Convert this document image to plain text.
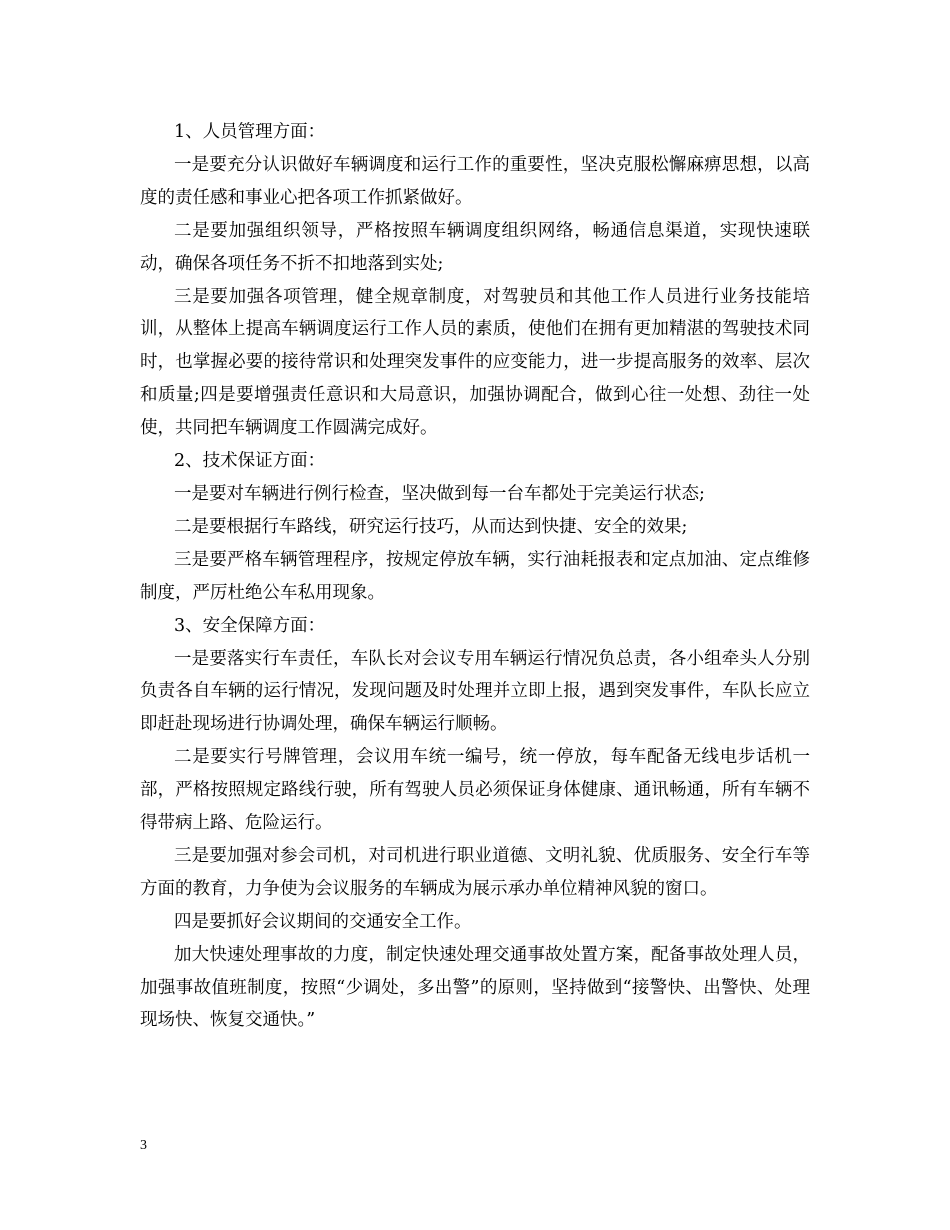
1、人员管理方面：

一是要充分认识做好车辆调度和运行工作的重要性，坚决克服松懈麻痹思想，以高度的责任感和事业心把各项工作抓紧做好。

二是要加强组织领导，严格按照车辆调度组织网络，畅通信息渠道，实现快速联动，确保各项任务不折不扣地落到实处;

三是要加强各项管理，健全规章制度，对驾驶员和其他工作人员进行业务技能培训，从整体上提高车辆调度运行工作人员的素质，使他们在拥有更加精湛的驾驶技术同时，也掌握必要的接待常识和处理突发事件的应变能力，进一步提高服务的效率、层次和质量;四是要增强责任意识和大局意识，加强协调配合，做到心往一处想、劲往一处使，共同把车辆调度工作圆满完成好。

2、技术保证方面：

一是要对车辆进行例行检查，坚决做到每一台车都处于完美运行状态;

二是要根据行车路线，研究运行技巧，从而达到快捷、安全的效果;

三是要严格车辆管理程序，按规定停放车辆，实行油耗报表和定点加油、定点维修制度，严厉杜绝公车私用现象。

3、安全保障方面：

一是要落实行车责任，车队长对会议专用车辆运行情况负总责，各小组牵头人分别负责各自车辆的运行情况，发现问题及时处理并立即上报，遇到突发事件，车队长应立即赶赴现场进行协调处理，确保车辆运行顺畅。

二是要实行号牌管理，会议用车统一编号，统一停放，每车配备无线电步话机一部，严格按照规定路线行驶，所有驾驶人员必须保证身体健康、通讯畅通，所有车辆不得带病上路、危险运行。

三是要加强对参会司机，对司机进行职业道德、文明礼貌、优质服务、安全行车等方面的教育，力争使为会议服务的车辆成为展示承办单位精神风貌的窗口。

四是要抓好会议期间的交通安全工作。

加大快速处理事故的力度，制定快速处理交通事故处置方案，配备事故处理人员，加强事故值班制度，按照“少调处，多出警”的原则，坚持做到“接警快、出警快、处理现场快、恢复交通快。”

3
